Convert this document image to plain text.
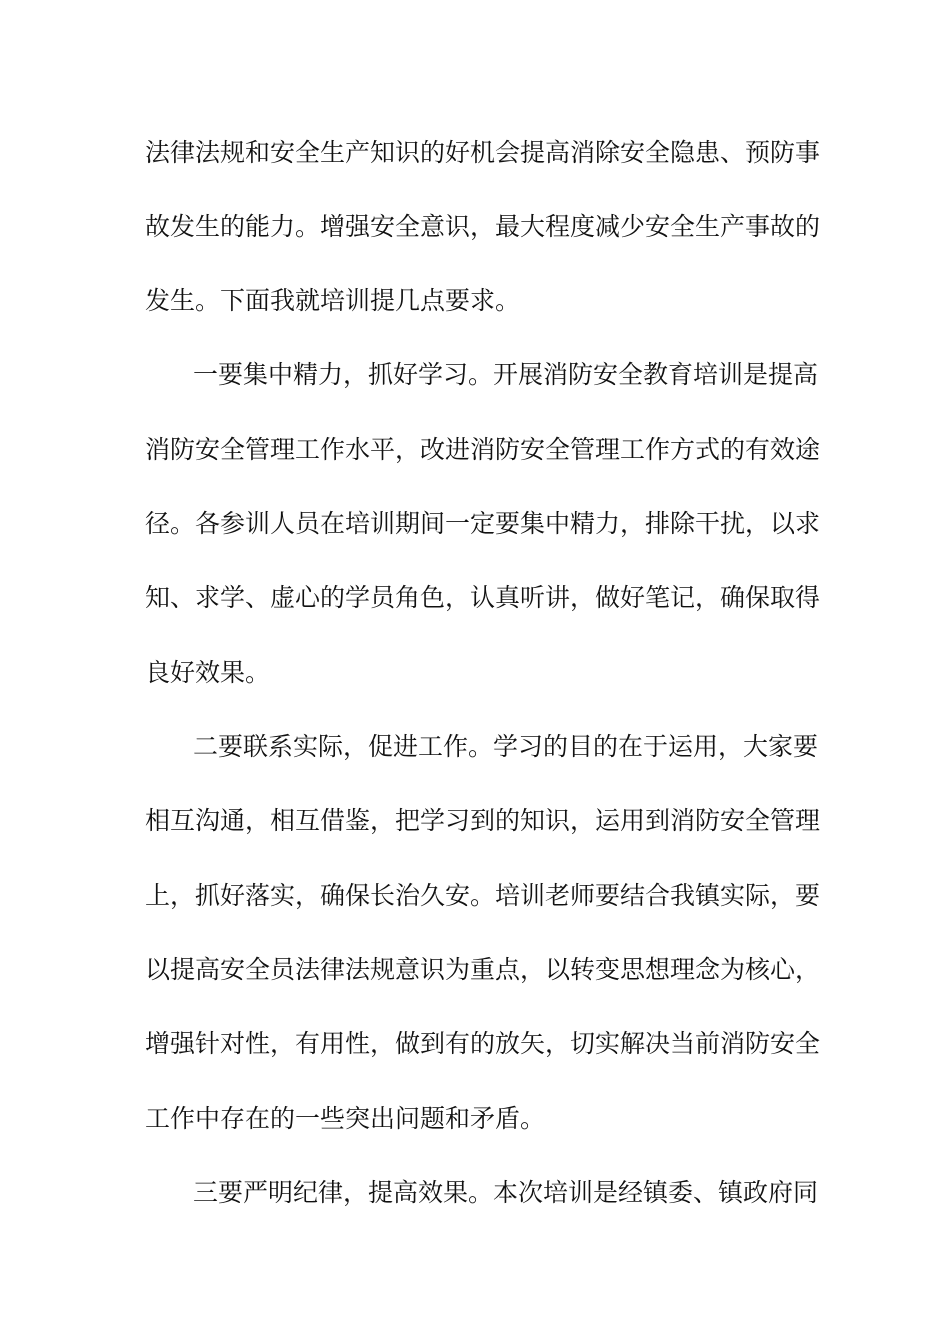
法律法规和安全生产知识的好机会提高消除安全隐患、预防事
故发生的能力。增强安全意识，最大程度减少安全生产事故的
发生。下面我就培训提几点要求。
一要集中精力，抓好学习。开展消防安全教育培训是提高
消防安全管理工作水平，改进消防安全管理工作方式的有效途
径。各参训人员在培训期间一定要集中精力，排除干扰，以求
知、求学、虚心的学员角色，认真听讲，做好笔记，确保取得
良好效果。
二要联系实际，促进工作。学习的目的在于运用，大家要
相互沟通，相互借鉴，把学习到的知识，运用到消防安全管理
上，抓好落实，确保长治久安。培训老师要结合我镇实际，要
以提高安全员法律法规意识为重点，以转变思想理念为核心，
增强针对性，有用性，做到有的放矢，切实解决当前消防安全
工作中存在的一些突出问题和矛盾。
三要严明纪律，提高效果。本次培训是经镇委、镇政府同
